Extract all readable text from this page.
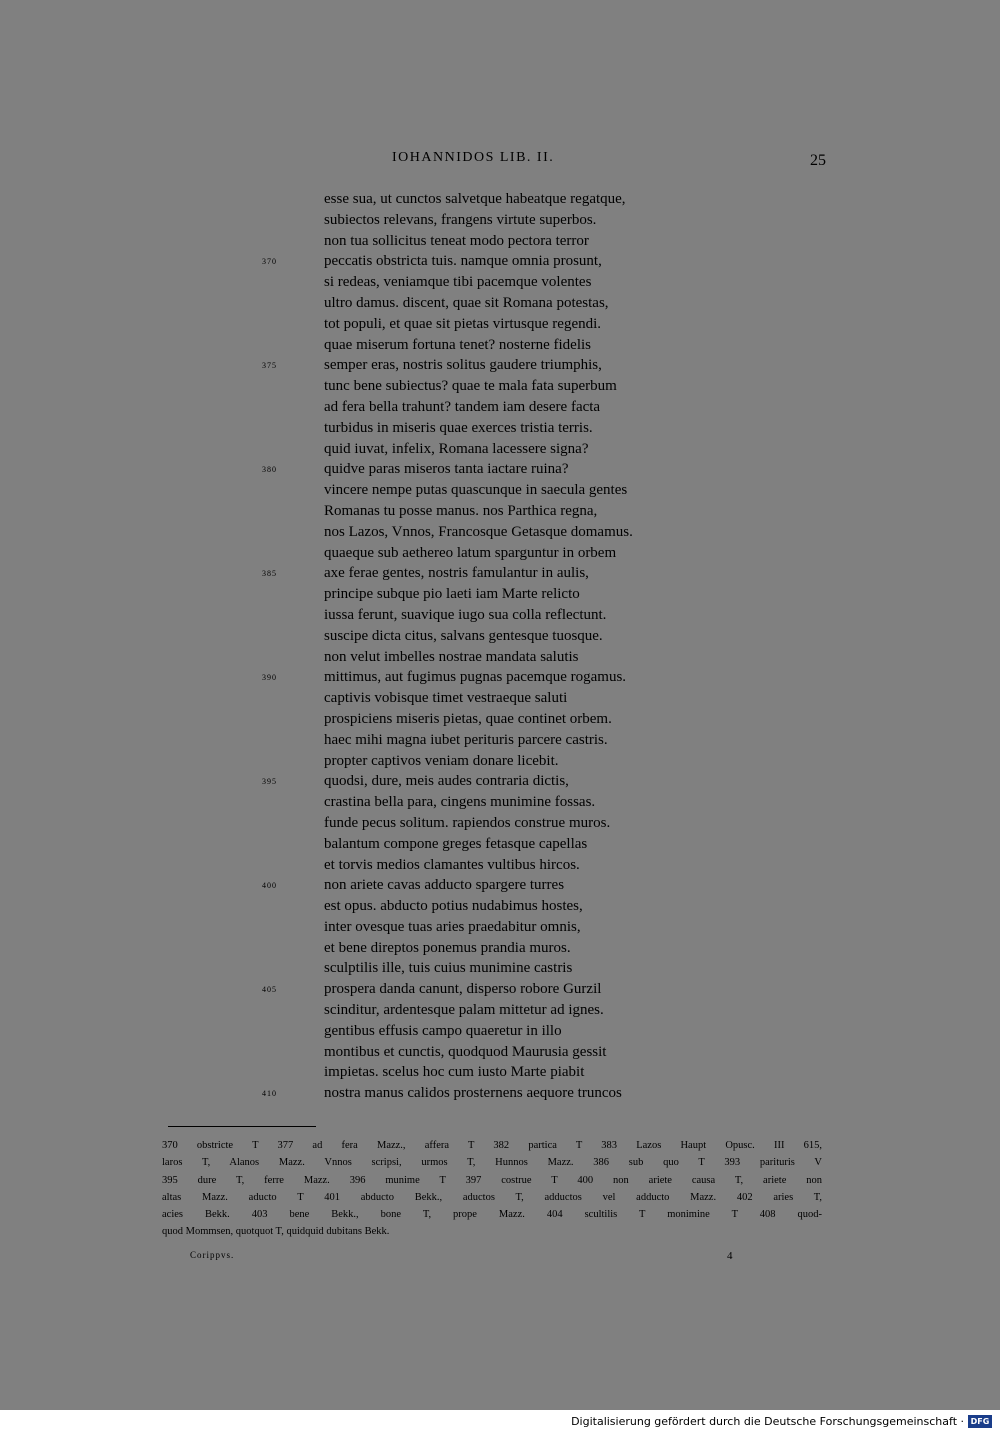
IOHANNIDOS LIB. II.	25
esse sua, ut cunctos salvetque habeatque regatque,
subiectos relevans, frangens virtute superbos.
non tua sollicitus teneat modo pectora terror
370	peccatis obstricta tuis. namque omnia prosunt,
si redeas, veniamque tibi pacemque volentes
ultro damus. discent, quae sit Romana potestas,
tot populi, et quae sit pietas virtusque regendi.
quae miserum fortuna tenet? nosterne fidelis
375	semper eras, nostris solitus gaudere triumphis,
tunc bene subiectus? quae te mala fata superbum
ad fera bella trahunt? tandem iam desere facta
turbidus in miseris quae exerces tristia terris.
quid iuvat, infelix, Romana lacessere signa?
380	quidve paras miseros tanta iactare ruina?
vincere nempe putas quascunque in saecula gentes
Romanas tu posse manus. nos Parthica regna,
nos Lazos, Vnnos, Francosque Getasque domamus.
quaeque sub aethereo latum sparguntur in orbem
385	axe ferae gentes, nostris famulantur in aulis,
principe subque pio laeti iam Marte relicto
iussa ferunt, suavique iugo sua colla reflectunt.
suscipe dicta citus, salvans gentesque tuosque.
non velut imbelles nostrae mandata salutis
390	mittimus, aut fugimus pugnas pacemque rogamus.
captivis vobisque timet vestraeque saluti
prospiciens miseris pietas, quae continet orbem.
haec mihi magna iubet perituris parcere castris.
propter captivos veniam donare licebit.
395	quodsi, dure, meis audes contraria dictis,
crastina bella para, cingens munimine fossas.
funde pecus solitum. rapiendos construe muros.
balantum compone greges fetasque capellas
et torvis medios clamantes vultibus hircos.
400	non ariete cavas adducto spargere turres
est opus. abducto potius nudabimus hostes,
inter ovesque tuas aries praedabitur omnis,
et bene direptos ponemus prandia muros.
sculptilis ille, tuis cuius munimine castris
405	prospera danda canunt, disperso robore Gurzil
scinditur, ardentesque palam mittetur ad ignes.
gentibus effusis campo quaeretur in illo
montibus et cunctis, quodquod Maurusia gessit
impietas. scelus hoc cum iusto Marte piabit
410	nostra manus calidos prosternens aequore truncos
370 obstricte T 377 ad fera Mazz., affera T 382 partica T 383 Lazos Haupt Opusc. III 615,
laros T, Alanos Mazz. Vnnos scripsi, urmos T, Hunnos Mazz. 386 sub quo T 393 parituris V
395 dure T, ferre Mazz. 396 munime T 397 costrue T 400 non ariete causa T, ariete non
altas Mazz. aducto T 401 abducto Bekk., aductos T, adductos vel adducto Mazz. 402 aries T,
acies Bekk. 403 bene Bekk., bone T, prope Mazz. 404 scultilis T monimine T 408 quod-
quod Mommsen, quotquot T, quidquid dubitans Bekk.
Corippvs.	4
Digitalisierung gefördert durch die Deutsche Forschungsgemeinschaft · DFG
